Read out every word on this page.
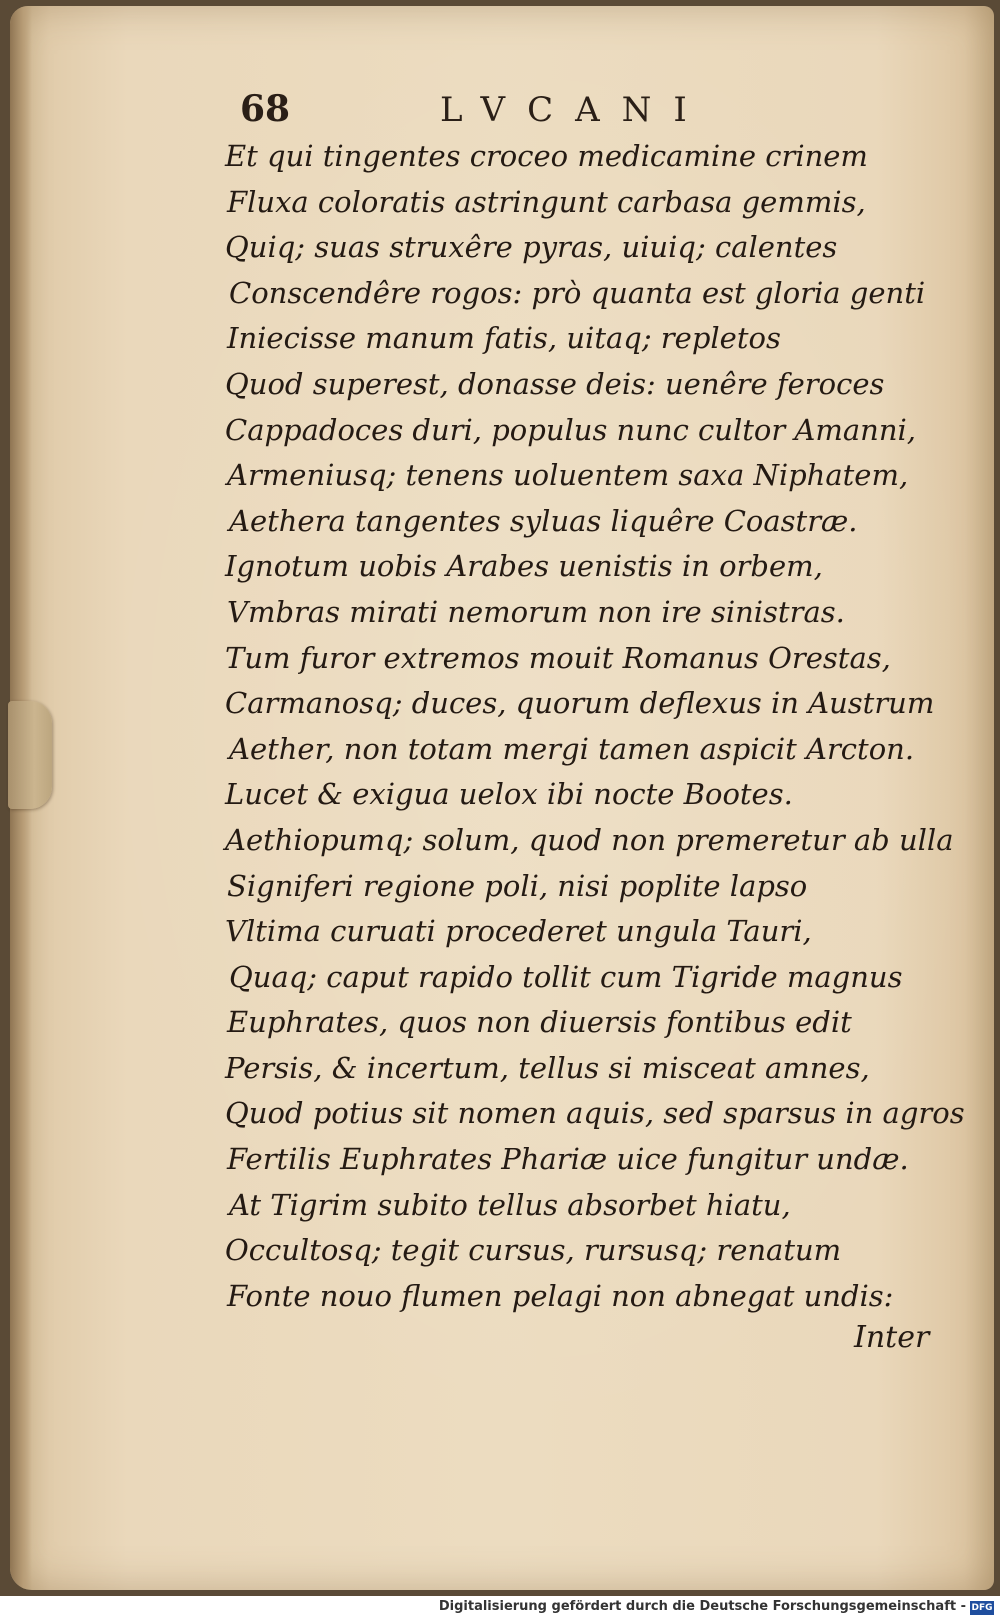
68	LVCANI
Et qui tingentes croceo medicamine crinem
Fluxa coloratis astringunt carbasa gemmis,
Quiq; suas struxêre pyras, uiuiq; calentes
Conscendêre rogos: prò quanta est gloria genti
Iniecisse manum fatis, uitaq; repletos
Quod superest, donasse deis: uenêre feroces
Cappadoces duri, populus nunc cultor Amanni,
Armeniusq; tenens uoluentem saxa Niphatem,
Aethera tangentes syluas liquêre Coastræ.
Ignotum uobis Arabes uenistis in orbem,
Vmbras mirati nemorum non ire sinistras.
Tum furor extremos mouit Romanus Orestas,
Carmanosq; duces, quorum deflexus in Austrum
Aether, non totam mergi tamen aspicit Arcton.
Lucet & exigua uelox ibi nocte Bootes.
Aethiopumq; solum, quod non premeretur ab ulla
Signiferi regione poli, nisi poplite lapso
Vltima curuati procederet ungula Tauri,
Quaq; caput rapido tollit cum Tigride magnus
Euphrates, quos non diuersis fontibus edit
Persis, & incertum, tellus si misceat amnes,
Quod potius sit nomen aquis, sed sparsus in agros
Fertilis Euphrates Phariæ uice fungitur undæ.
At Tigrim subito tellus absorbet hiatu,
Occultosq; tegit cursus, rursusq; renatum
Fonte nouo flumen pelagi non abnegat undis:
Inter
Digitalisierung gefördert durch die Deutsche Forschungsgemeinschaft - DFG
